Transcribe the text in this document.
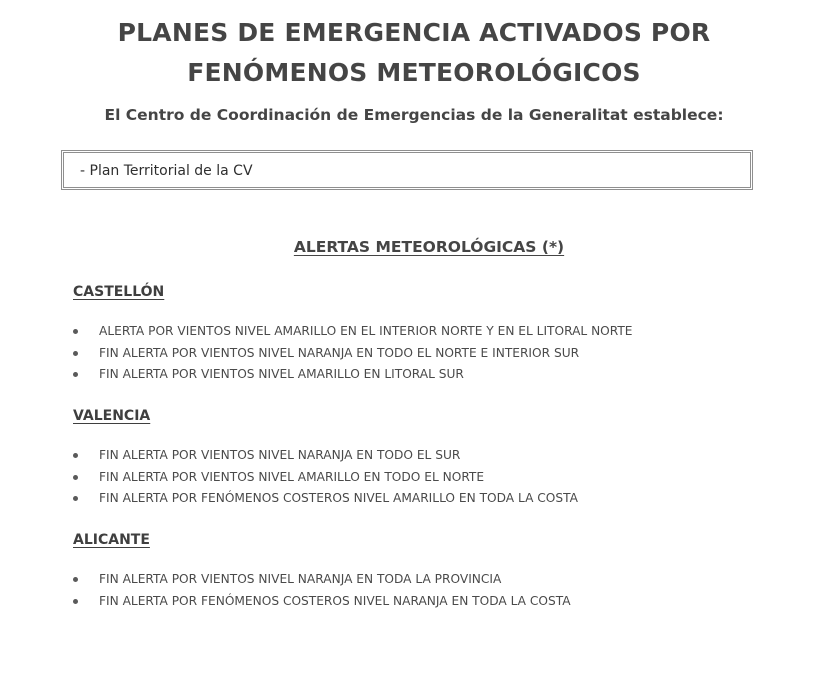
PLANES DE EMERGENCIA ACTIVADOS POR
FENÓMENOS METEOROLÓGICOS

El Centro de Coordinación de Emergencias de la Generalitat establece:

- Plan Territorial de la CV

ALERTAS METEOROLÓGICAS (*)
CASTELLÓN
ALERTA POR VIENTOS NIVEL AMARILLO EN EL INTERIOR NORTE Y EN EL LITORAL NORTE
FIN ALERTA POR VIENTOS NIVEL NARANJA EN TODO EL NORTE E INTERIOR SUR
FIN ALERTA POR VIENTOS NIVEL AMARILLO EN LITORAL SUR
VALENCIA
FIN ALERTA POR VIENTOS NIVEL NARANJA EN TODO EL SUR
FIN ALERTA POR VIENTOS NIVEL AMARILLO EN TODO EL NORTE
FIN ALERTA POR FENÓMENOS COSTEROS NIVEL AMARILLO EN TODA LA COSTA
ALICANTE
FIN ALERTA POR VIENTOS NIVEL NARANJA EN TODA LA PROVINCIA
FIN ALERTA POR FENÓMENOS COSTEROS NIVEL NARANJA EN TODA LA COSTA
